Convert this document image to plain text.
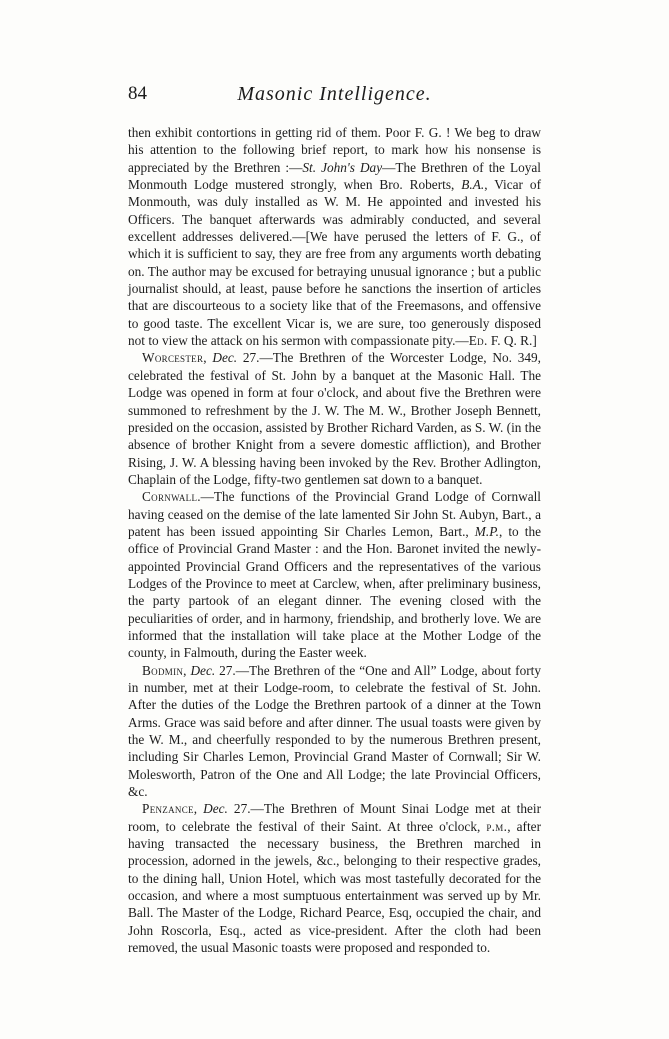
84	Masonic Intelligence.

then exhibit contortions in getting rid of them. Poor F. G. ! We beg to draw his attention to the following brief report, to mark how his nonsense is appreciated by the Brethren :—St. John's Day—The Brethren of the Loyal Monmouth Lodge mustered strongly, when Bro. Roberts, B.A., Vicar of Monmouth, was duly installed as W. M. He appointed and invested his Officers. The banquet afterwards was admirably conducted, and several excellent addresses delivered.—[We have perused the letters of F. G., of which it is sufficient to say, they are free from any arguments worth debating on. The author may be excused for betraying unusual ignorance ; but a public journalist should, at least, pause before he sanctions the insertion of articles that are discourteous to a society like that of the Freemasons, and offensive to good taste. The excellent Vicar is, we are sure, too generously disposed not to view the attack on his sermon with compassionate pity.—Ed. F. Q. R.]

Worcester, Dec. 27.—The Brethren of the Worcester Lodge, No. 349, celebrated the festival of St. John by a banquet at the Masonic Hall. The Lodge was opened in form at four o'clock, and about five the Brethren were summoned to refreshment by the J. W. The M. W., Brother Joseph Bennett, presided on the occasion, assisted by Brother Richard Varden, as S. W. (in the absence of brother Knight from a severe domestic affliction), and Brother Rising, J. W. A blessing having been invoked by the Rev. Brother Adlington, Chaplain of the Lodge, fifty-two gentlemen sat down to a banquet.

Cornwall.—The functions of the Provincial Grand Lodge of Cornwall having ceased on the demise of the late lamented Sir John St. Aubyn, Bart., a patent has been issued appointing Sir Charles Lemon, Bart., M.P., to the office of Provincial Grand Master : and the Hon. Baronet invited the newly-appointed Provincial Grand Officers and the representatives of the various Lodges of the Province to meet at Carclew, when, after preliminary business, the party partook of an elegant dinner. The evening closed with the peculiarities of order, and in harmony, friendship, and brotherly love. We are informed that the installation will take place at the Mother Lodge of the county, in Falmouth, during the Easter week.

Bodmin, Dec. 27.—The Brethren of the “One and All” Lodge, about forty in number, met at their Lodge-room, to celebrate the festival of St. John. After the duties of the Lodge the Brethren partook of a dinner at the Town Arms. Grace was said before and after dinner. The usual toasts were given by the W. M., and cheerfully responded to by the numerous Brethren present, including Sir Charles Lemon, Provincial Grand Master of Cornwall; Sir W. Molesworth, Patron of the One and All Lodge; the late Provincial Officers, &c.

Penzance, Dec. 27.—The Brethren of Mount Sinai Lodge met at their room, to celebrate the festival of their Saint. At three o'clock, p.m., after having transacted the necessary business, the Brethren marched in procession, adorned in the jewels, &c., belonging to their respective grades, to the dining hall, Union Hotel, which was most tastefully decorated for the occasion, and where a most sumptuous entertainment was served up by Mr. Ball. The Master of the Lodge, Richard Pearce, Esq, occupied the chair, and John Roscorla, Esq., acted as vice-president. After the cloth had been removed, the usual Masonic toasts were proposed and responded to.
